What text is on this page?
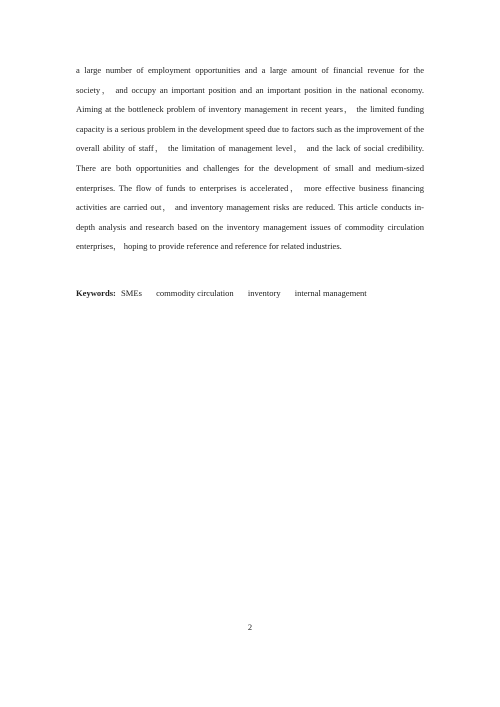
a large number of employment opportunities and a large amount of financial revenue for the society， and occupy an important position and an important position in the national economy. Aiming at the bottleneck problem of inventory management in recent years， the limited funding capacity is a serious problem in the development speed due to factors such as the improvement of the overall ability of staff， the limitation of management level， and the lack of social credibility. There are both opportunities and challenges for the development of small and medium-sized enterprises. The flow of funds to enterprises is accelerated， more effective business financing activities are carried out， and inventory management risks are reduced. This article conducts in-depth analysis and research based on the inventory management issues of commodity circulation enterprises， hoping to provide reference and reference for related industries.

Keywords: SMEs commodity circulation inventory internal management

2
